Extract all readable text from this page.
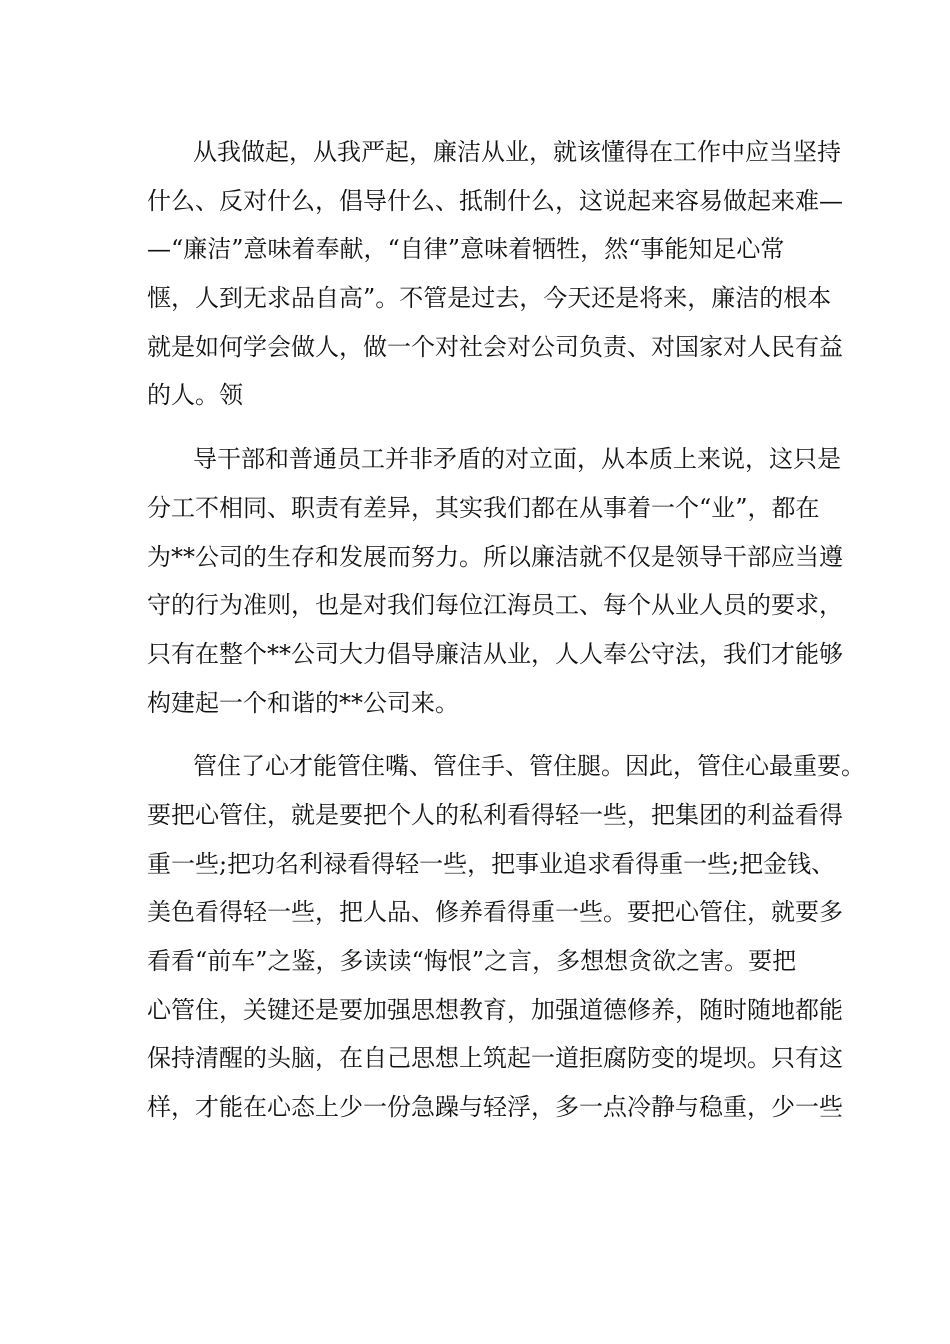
从我做起，从我严起，廉洁从业，就该懂得在工作中应当坚持
什么、反对什么，倡导什么、抵制什么，这说起来容易做起来难—
—“廉洁”意味着奉献，“自律”意味着牺牲，然“事能知足心常
惬，人到无求品自高”。不管是过去，今天还是将来，廉洁的根本
就是如何学会做人，做一个对社会对公司负责、对国家对人民有益
的人。领
导干部和普通员工并非矛盾的对立面，从本质上来说，这只是
分工不相同、职责有差异，其实我们都在从事着一个“业”，都在
为**公司的生存和发展而努力。所以廉洁就不仅是领导干部应当遵
守的行为准则，也是对我们每位江海员工、每个从业人员的要求，
只有在整个**公司大力倡导廉洁从业，人人奉公守法，我们才能够
构建起一个和谐的**公司来。
管住了心才能管住嘴、管住手、管住腿。因此，管住心最重要。
要把心管住，就是要把个人的私利看得轻一些，把集团的利益看得
重一些;把功名利禄看得轻一些，把事业追求看得重一些;把金钱、
美色看得轻一些，把人品、修养看得重一些。要把心管住，就要多
看看“前车”之鉴，多读读“悔恨”之言，多想想贪欲之害。要把
心管住，关键还是要加强思想教育，加强道德修养，随时随地都能
保持清醒的头脑，在自己思想上筑起一道拒腐防变的堤坝。只有这
样，才能在心态上少一份急躁与轻浮，多一点冷静与稳重，少一些
